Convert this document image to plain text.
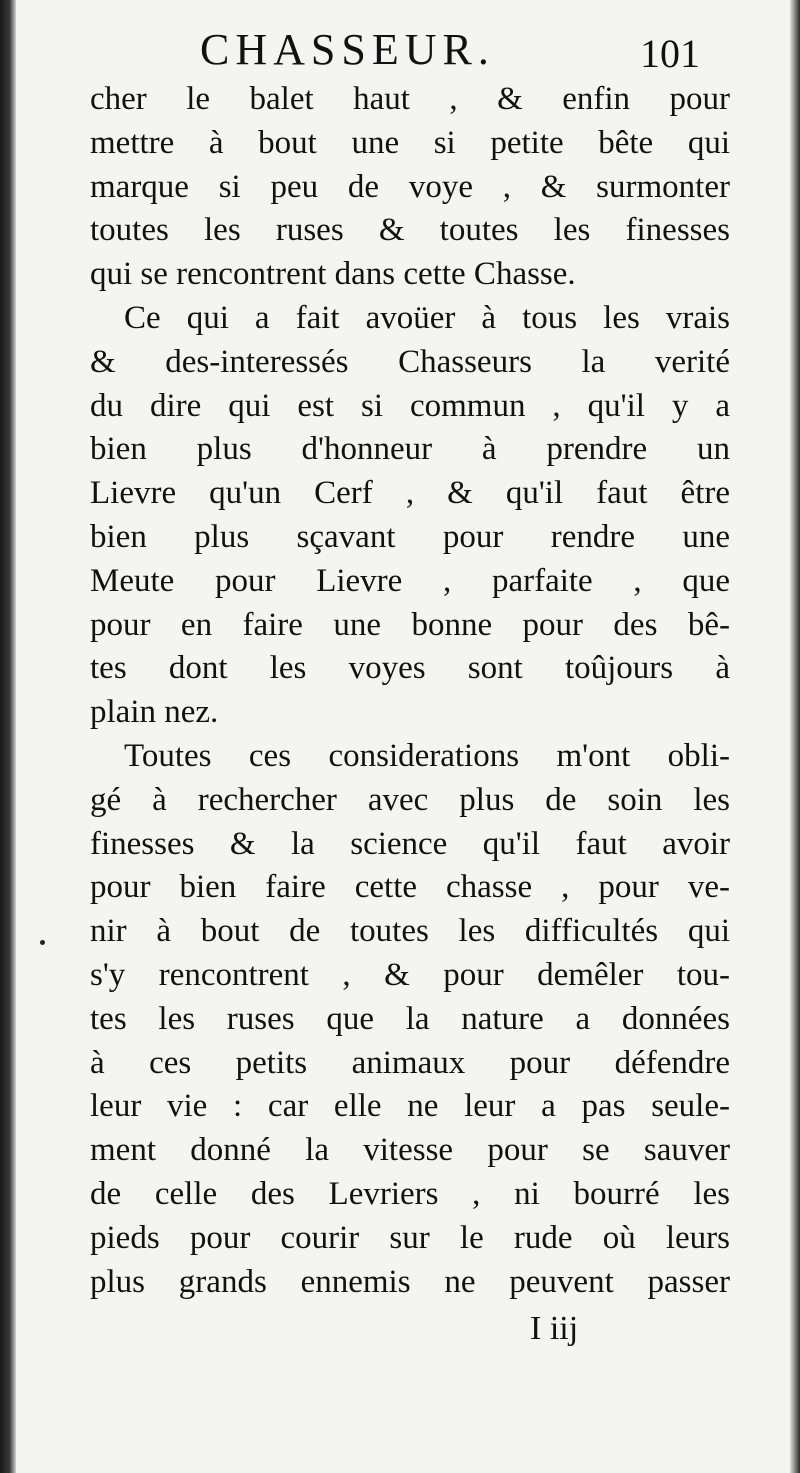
CHASSEUR.	101
cher le balet haut , & enfin pour
mettre à bout une si petite bête qui
marque si peu de voye , & surmonter
toutes les ruses & toutes les finesses
qui se rencontrent dans cette Chasse.
Ce qui a fait avoüer à tous les vrais
& des-interessés Chasseurs la verité
du dire qui est si commun , qu'il y a
bien plus d'honneur à prendre un
Lievre qu'un Cerf , & qu'il faut être
bien plus sçavant pour rendre une
Meute pour Lievre , parfaite , que
pour en faire une bonne pour des bê-
tes dont les voyes sont toûjours à
plain nez.
Toutes ces considerations m'ont obli-
gé à rechercher avec plus de soin les
finesses & la science qu'il faut avoir
pour bien faire cette chasse , pour ve-
nir à bout de toutes les difficultés qui
s'y rencontrent , & pour demêler tou-
tes les ruses que la nature a données
à ces petits animaux pour défendre
leur vie : car elle ne leur a pas seule-
ment donné la vitesse pour se sauver
de celle des Levriers , ni bourré les
pieds pour courir sur le rude où leurs
plus grands ennemis ne peuvent passer
I iij
